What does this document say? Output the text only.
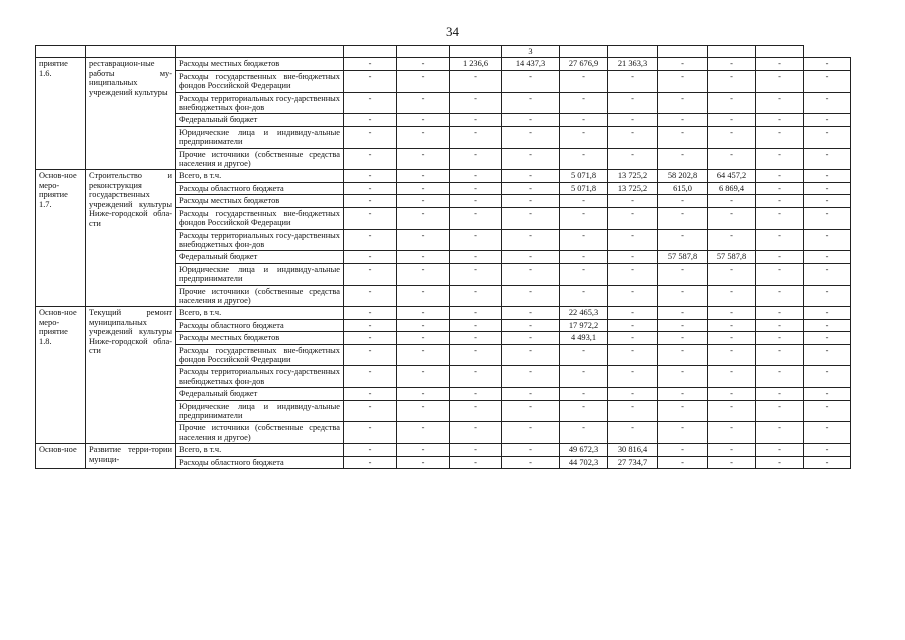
34
						3						
приятие 1.6.	реставрацион-ные работы му-ниципальных учреждений культуры	Расходы местных бюджетов	-	-	1 236,6	14 437,3	27 676,9	21 363,3	-	-	-	-
		Расходы государственных вне-бюджетных фондов Российской Федерации	-	-	-	-	-	-	-	-	-	-
		Расходы территориальных госу-дарственных внебюджетных фон-дов	-	-	-	-	-	-	-	-	-	-
		Федеральный бюджет	-	-	-	-	-	-	-	-	-	-
		Юридические лица и индивиду-альные предприниматели	-	-	-	-	-	-	-	-	-	-
		Прочие источники (собственные средства населения и другое)	-	-	-	-	-	-	-	-	-	-
Основ-ное меро-приятие 1.7.	Строительство и реконструкция государственных учреждений культуры Ниже-городской обла-сти	Всего, в т.ч.	-	-	-	-	5 071,8	13 725,2	58 202,8	64 457,2	-	-
		Расходы областного бюджета	-	-	-	-	5 071,8	13 725,2	615,0	6 869,4	-	-
		Расходы местных бюджетов	-	-	-	-	-	-	-	-	-	-
		Расходы государственных вне-бюджетных фондов Российской Федерации	-	-	-	-	-	-	-	-	-	-
		Расходы территориальных госу-дарственных внебюджетных фон-дов	-	-	-	-	-	-	-	-	-	-
		Федеральный бюджет	-	-	-	-	-	-	57 587,8	57 587,8	-	-
		Юридические лица и индивиду-альные предприниматели	-	-	-	-	-	-	-	-	-	-
		Прочие источники (собственные средства населения и другое)	-	-	-	-	-	-	-	-	-	-
Основ-ное меро-приятие 1.8.	Текущий ремонт муниципальных учреждений культуры Ниже-городской обла-сти	Всего, в т.ч.	-	-	-	-	22 465,3	-	-	-	-	-
		Расходы областного бюджета	-	-	-	-	17 972,2	-	-	-	-	-
		Расходы местных бюджетов	-	-	-	-	4 493,1	-	-	-	-	-
		Расходы государственных вне-бюджетных фондов Российской Федерации	-	-	-	-	-	-	-	-	-	-
		Расходы территориальных госу-дарственных внебюджетных фон-дов	-	-	-	-	-	-	-	-	-	-
		Федеральный бюджет	-	-	-	-	-	-	-	-	-	-
		Юридические лица и индивиду-альные предприниматели	-	-	-	-	-	-	-	-	-	-
		Прочие источники (собственные средства населения и другое)	-	-	-	-	-	-	-	-	-	-
Основ-ное	Развитие терри-тории муници-	Всего, в т.ч.	-	-	-	-	49 672,3	30 816,4	-	-	-	-
		Расходы областного бюджета	-	-	-	-	44 702,3	27 734,7	-	-	-	-
